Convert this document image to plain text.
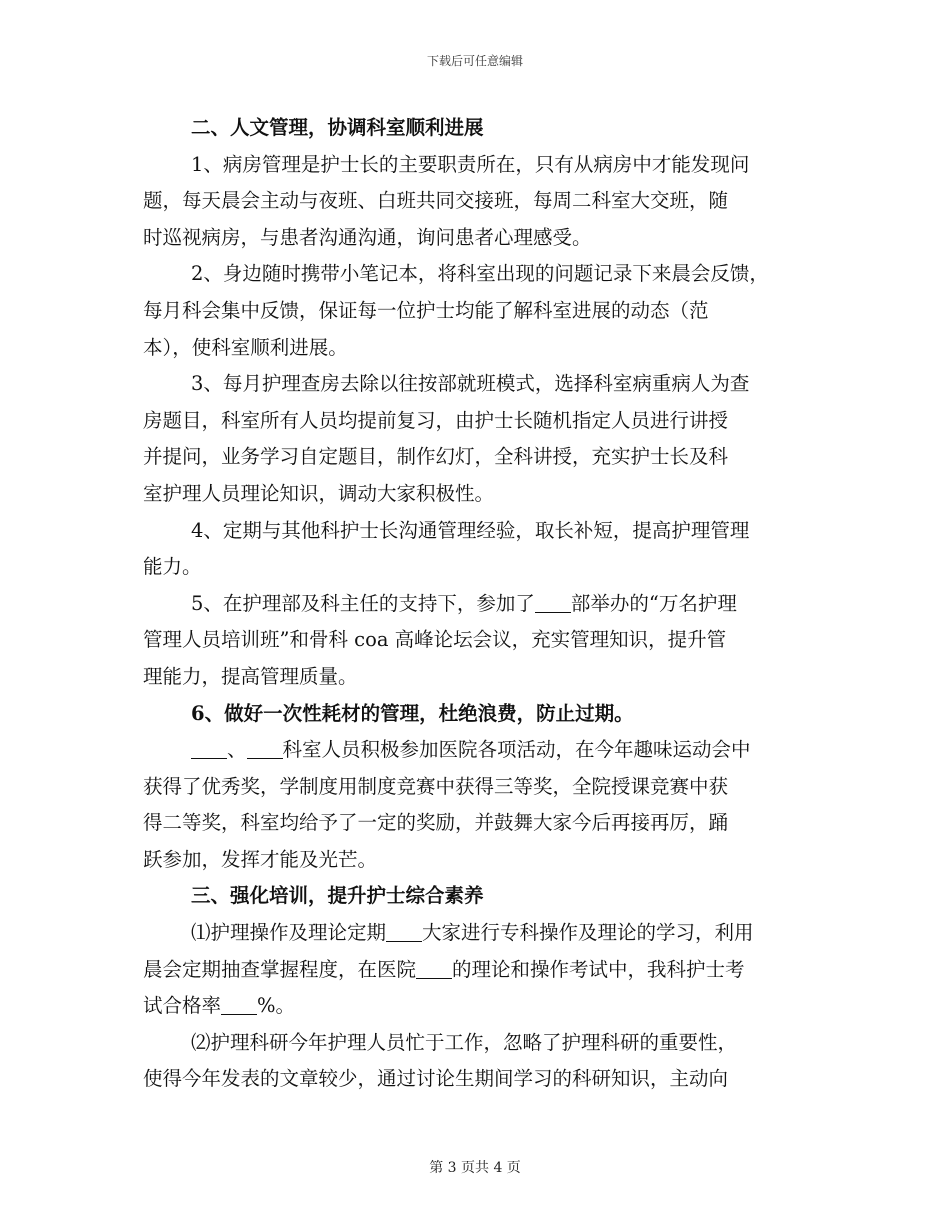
下载后可任意编辑
二、人文管理，协调科室顺利进展
1、病房管理是护士长的主要职责所在，只有从病房中才能发现问
题，每天晨会主动与夜班、白班共同交接班，每周二科室大交班，随
时巡视病房，与患者沟通沟通，询问患者心理感受。
2、身边随时携带小笔记本，将科室出现的问题记录下来晨会反馈，
每月科会集中反馈，保证每一位护士均能了解科室进展的动态（范
本），使科室顺利进展。
3、每月护理查房去除以往按部就班模式，选择科室病重病人为查
房题目，科室所有人员均提前复习，由护士长随机指定人员进行讲授
并提问，业务学习自定题目，制作幻灯，全科讲授，充实护士长及科
室护理人员理论知识，调动大家积极性。
4、定期与其他科护士长沟通管理经验，取长补短，提高护理管理
能力。
5、在护理部及科主任的支持下，参加了 部举办的“万名护理
管理人员培训班”和骨科 coa 高峰论坛会议，充实管理知识，提升管
理能力，提高管理质量。
6、做好一次性耗材的管理，杜绝浪费，防止过期。
、 科室人员积极参加医院各项活动，在今年趣味运动会中
获得了优秀奖，学制度用制度竞赛中获得三等奖，全院授课竞赛中获
得二等奖，科室均给予了一定的奖励，并鼓舞大家今后再接再厉，踊
跃参加，发挥才能及光芒。
三、强化培训，提升护士综合素养
⑴护理操作及理论定期 大家进行专科操作及理论的学习，利用
晨会定期抽查掌握程度，在医院 的理论和操作考试中，我科护士考
试合格率 %。
⑵护理科研今年护理人员忙于工作，忽略了护理科研的重要性，
使得今年发表的文章较少，通过讨论生期间学习的科研知识，主动向
第 3 页共 4 页
